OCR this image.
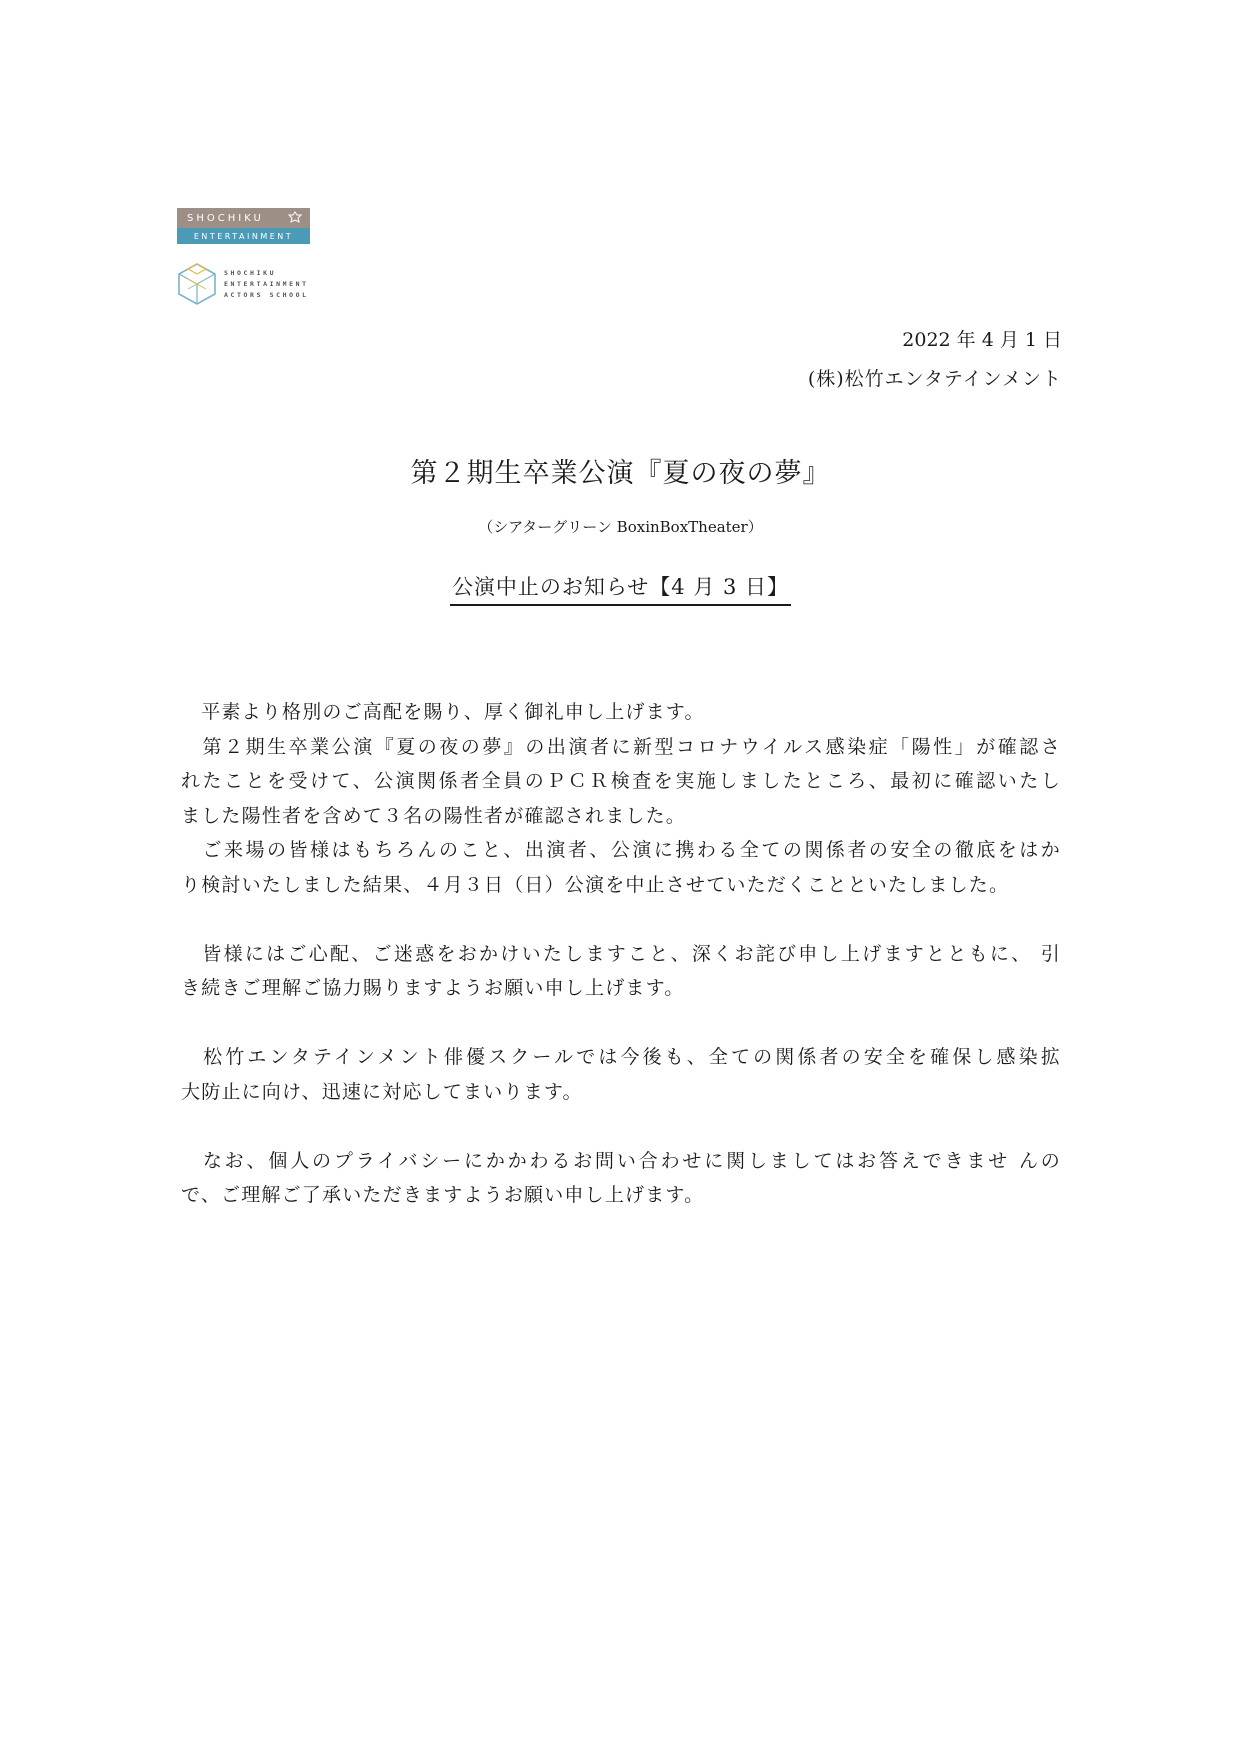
SHOCHIKU
ENTERTAINMENT
SHOCHIKU
ENTERTAINMENT
ACTORS SCHOOL
2022 年 4 月 1 日
(株)松竹エンタテインメント
第２期生卒業公演『夏の夜の夢』
（シアターグリーン BoxinBoxTheater）
公演中止のお知らせ【4 月 3 日】
　平素より格別のご高配を賜り、厚く御礼申し上げます。
　第２期生卒業公演『夏の夜の夢』の出演者に新型コロナウイルス感染症「陽性」が確認さ
れたことを受けて、公演関係者全員のＰＣＲ検査を実施しましたところ、最初に確認いたし
ました陽性者を含めて３名の陽性者が確認されました。
　ご来場の皆様はもちろんのこと、出演者、公演に携わる全ての関係者の安全の徹底をはか
り検討いたしました結果、４月３日（日）公演を中止させていただくことといたしました。
　皆様にはご心配、ご迷惑をおかけいたしますこと、深くお詫び申し上げますとともに、 引
き続きご理解ご協力賜りますようお願い申し上げます。
　松竹エンタテインメント俳優スクールでは今後も、全ての関係者の安全を確保し感染拡
大防止に向け、迅速に対応してまいります。
　なお、個人のプライバシーにかかわるお問い合わせに関しましてはお答えできませ んの
で、ご理解ご了承いただきますようお願い申し上げます。
